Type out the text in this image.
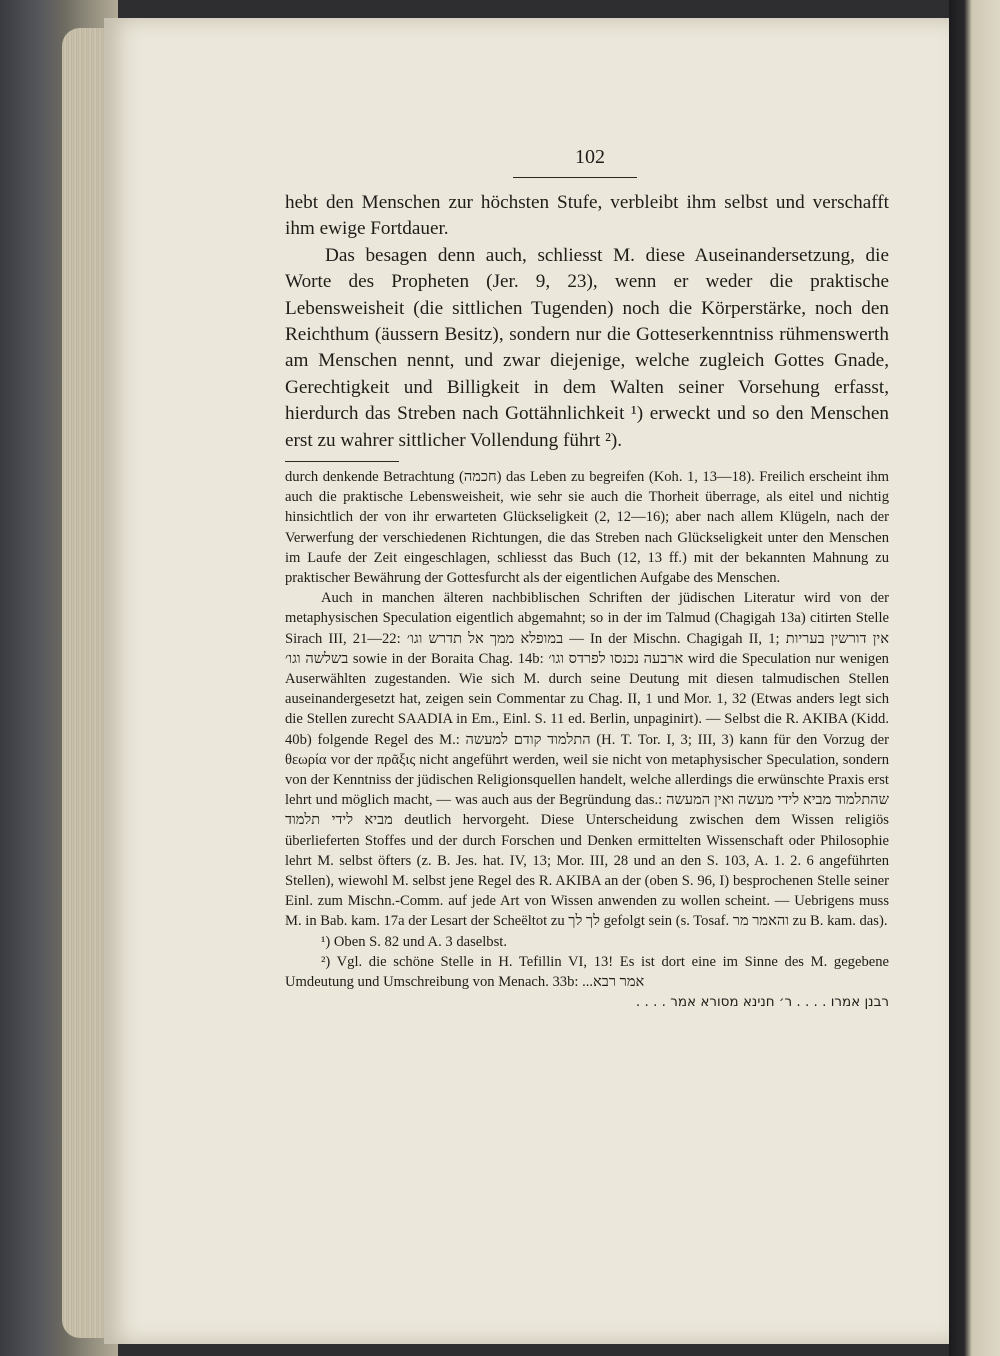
102

hebt den Menschen zur höchsten Stufe, verbleibt ihm selbst und verschafft ihm ewige Fortdauer.

Das besagen denn auch, schliesst M. diese Auseinandersetzung, die Worte des Propheten (Jer. 9, 23), wenn er weder die praktische Lebensweisheit (die sittlichen Tugenden) noch die Körperstärke, noch den Reichthum (äussern Besitz), sondern nur die Gotteserkenntniss rühmenswerth am Menschen nennt, und zwar diejenige, welche zugleich Gottes Gnade, Gerechtigkeit und Billigkeit in dem Walten seiner Vorsehung erfasst, hierdurch das Streben nach Gottähnlichkeit ¹) erweckt und so den Menschen erst zu wahrer sittlicher Vollendung führt ²).

durch denkende Betrachtung (חכמה) das Leben zu begreifen (Koh. 1, 13—18). Freilich erscheint ihm auch die praktische Lebensweisheit, wie sehr sie auch die Thorheit überrage, als eitel und nichtig hinsichtlich der von ihr erwarteten Glückseligkeit (2, 12—16); aber nach allem Klügeln, nach der Verwerfung der verschiedenen Richtungen, die das Streben nach Glückseligkeit unter den Menschen im Laufe der Zeit eingeschlagen, schliesst das Buch (12, 13 ff.) mit der bekannten Mahnung zu praktischer Bewährung der Gottesfurcht als der eigentlichen Aufgabe des Menschen.

Auch in manchen älteren nachbiblischen Schriften der jüdischen Literatur wird von der metaphysischen Speculation eigentlich abgemahnt; so in der im Talmud (Chagigah 13a) citirten Stelle Sirach III, 21—22: במופלא ממך אל תדרש וגו׳ — In der Mischn. Chagigah II, 1; אין דורשין בעריות בשלשה וגו׳ sowie in der Boraita Chag. 14b: ארבעה נכנסו לפרדס וגו׳ wird die Speculation nur wenigen Auserwählten zugestanden. Wie sich M. durch seine Deutung mit diesen talmudischen Stellen auseinandergesetzt hat, zeigen sein Commentar zu Chag. II, 1 und Mor. 1, 32 (Etwas anders legt sich die Stellen zurecht SAADIA in Em., Einl. S. 11 ed. Berlin, unpaginirt). — Selbst die R. AKIBA (Kidd. 40b) folgende Regel des M.: התלמוד קודם למעשה (H. T. Tor. I, 3; III, 3) kann für den Vorzug der θεωρία vor der πρᾶξις nicht angeführt werden, weil sie nicht von metaphysischer Speculation, sondern von der Kenntniss der jüdischen Religionsquellen handelt, welche allerdings die erwünschte Praxis erst lehrt und möglich macht, — was auch aus der Begründung das.: שהתלמוד מביא לידי מעשה ואין המעשה מביא לידי תלמוד deutlich hervorgeht. Diese Unterscheidung zwischen dem Wissen religiös überlieferten Stoffes und der durch Forschen und Denken ermittelten Wissenschaft oder Philosophie lehrt M. selbst öfters (z. B. Jes. hat. IV, 13; Mor. III, 28 und an den S. 103, A. 1. 2. 6 angeführten Stellen), wiewohl M. selbst jene Regel des R. AKIBA an der (oben S. 96, I) besprochenen Stelle seiner Einl. zum Mischn.-Comm. auf jede Art von Wissen anwenden zu wollen scheint. — Uebrigens muss M. in Bab. kam. 17a der Lesart der Scheëltot zu לך לך gefolgt sein (s. Tosaf. והאמר מר zu B. kam. das).

¹) Oben S. 82 und A. 3 daselbst.

²) Vgl. die schöne Stelle in H. Tefillin VI, 13! Es ist dort eine im Sinne des M. gegebene Umdeutung und Umschreibung von Menach. 33b: ...אמר רבא

רבנן אמרו . . . . ר׳ חנינא מסורא אמר . . . .
